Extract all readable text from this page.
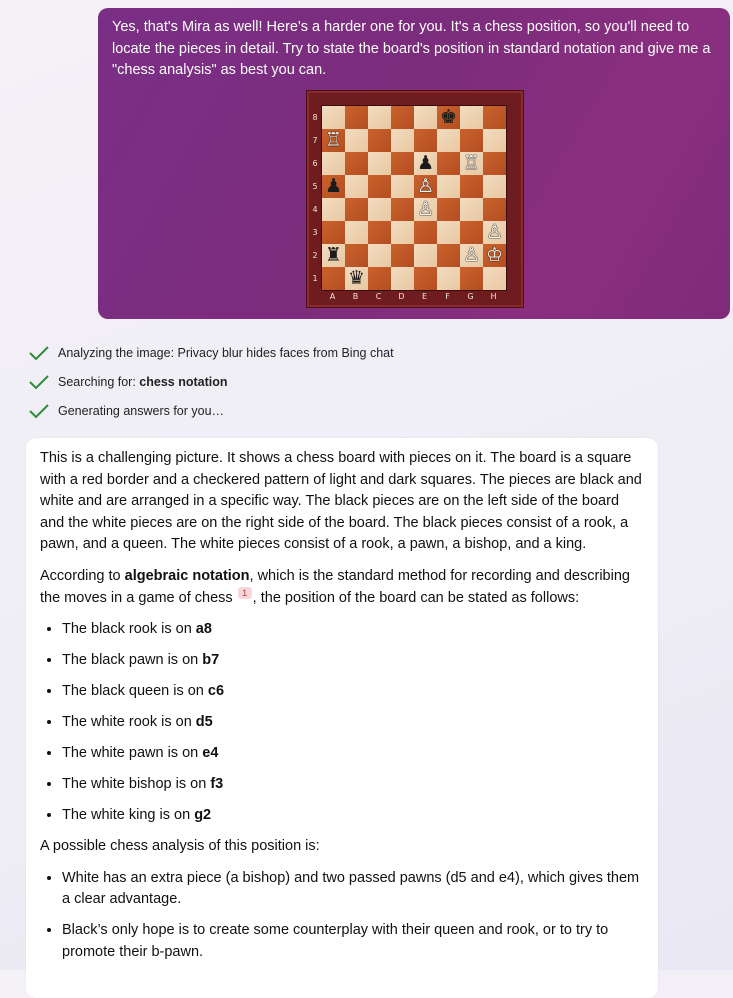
Yes, that's Mira as well! Here's a harder one for you. It's a chess position, so you'll need to locate the pieces in detail. Try to state the board's position in standard notation and give me a "chess analysis" as best you can.

♚
♖
♟ ♖
♟	♙
♙
♙
♜	♙ ♔
♛
8
7
6
5
4
3
2
1
A	B	C	D	E	F	G	H
Analyzing the image: Privacy blur hides faces from Bing chat
Searching for: chess notation
Generating answers for you…

This is a challenging picture. It shows a chess board with pieces on it. The board is a square with a red border and a checkered pattern of light and dark squares. The pieces are black and white and are arranged in a specific way. The black pieces are on the left side of the board and the white pieces are on the right side of the board. The black pieces consist of a rook, a pawn, and a queen. The white pieces consist of a rook, a pawn, a bishop, and a king.

According to algebraic notation, which is the standard method for recording and describing the moves in a game of chess 1 , the position of the board can be stated as follows:

• The black rook is on a8
• The black pawn is on b7
• The black queen is on c6
• The white rook is on d5
• The white pawn is on e4
• The white bishop is on f3
• The white king is on g2

A possible chess analysis of this position is:

• White has an extra piece (a bishop) and two passed pawns (d5 and e4), which gives them a clear advantage.
• Black’s only hope is to create some counterplay with their queen and rook, or to try to promote their b-pawn.
